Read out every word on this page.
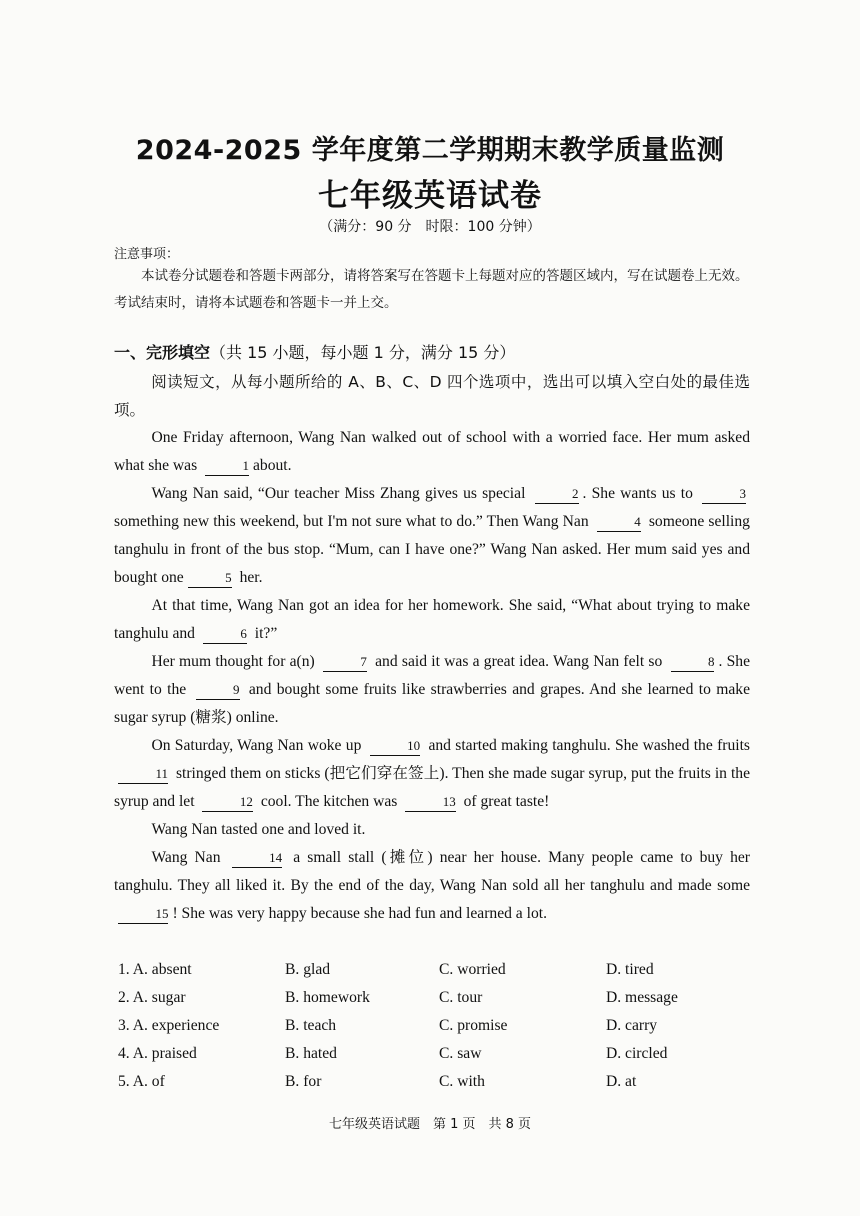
2024-2025 学年度第二学期期末教学质量监测
七年级英语试卷
（满分：90 分　时限：100 分钟）
注意事项：
本试卷分试题卷和答题卡两部分，请将答案写在答题卡上每题对应的答题区域内，写在试题卷上无效。考试结束时，请将本试题卷和答题卡一并上交。
一、完形填空（共 15 小题，每小题 1 分，满分 15 分）

阅读短文，从每小题所给的 A、B、C、D 四个选项中，选出可以填入空白处的最佳选项。

One Friday afternoon, Wang Nan walked out of school with a worried face. Her mum asked what she was	1 about.

Wang Nan said, “Our teacher Miss Zhang gives us special	2 . She wants us to	3 something new this weekend, but I'm not sure what to do.” Then Wang Nan	4 someone selling tanghulu in front of the bus stop. “Mum, can I have one?” Wang Nan asked. Her mum said yes and bought one	5 her.

At that time, Wang Nan got an idea for her homework. She said, “What about trying to make tanghulu and	6 it?”

Her mum thought for a(n)	7 and said it was a great idea. Wang Nan felt so	8 . She went to the	9 and bought some fruits like strawberries and grapes. And she learned to make sugar syrup (糖浆) online.

On Saturday, Wang Nan woke up	10 and started making tanghulu. She washed the fruits 11 stringed them on sticks (把它们穿在签上). Then she made sugar syrup, put the fruits in the syrup and let	12 cool. The kitchen was	13 of great taste!

Wang Nan tasted one and loved it.

Wang Nan	14 a small stall (摊位) near her house. Many people came to buy her tanghulu. They all liked it. By the end of the day, Wang Nan sold all her tanghulu and made some 15 ! She was very happy because she had fun and learned a lot.

1. A. absent	B. glad	C. worried	D. tired
2. A. sugar	B. homework	C. tour	D. message
3. A. experience	B. teach	C. promise	D. carry
4. A. praised	B. hated	C. saw	D. circled
5. A. of	B. for	C. with	D. at
七年级英语试题　第 1 页　共 8 页
